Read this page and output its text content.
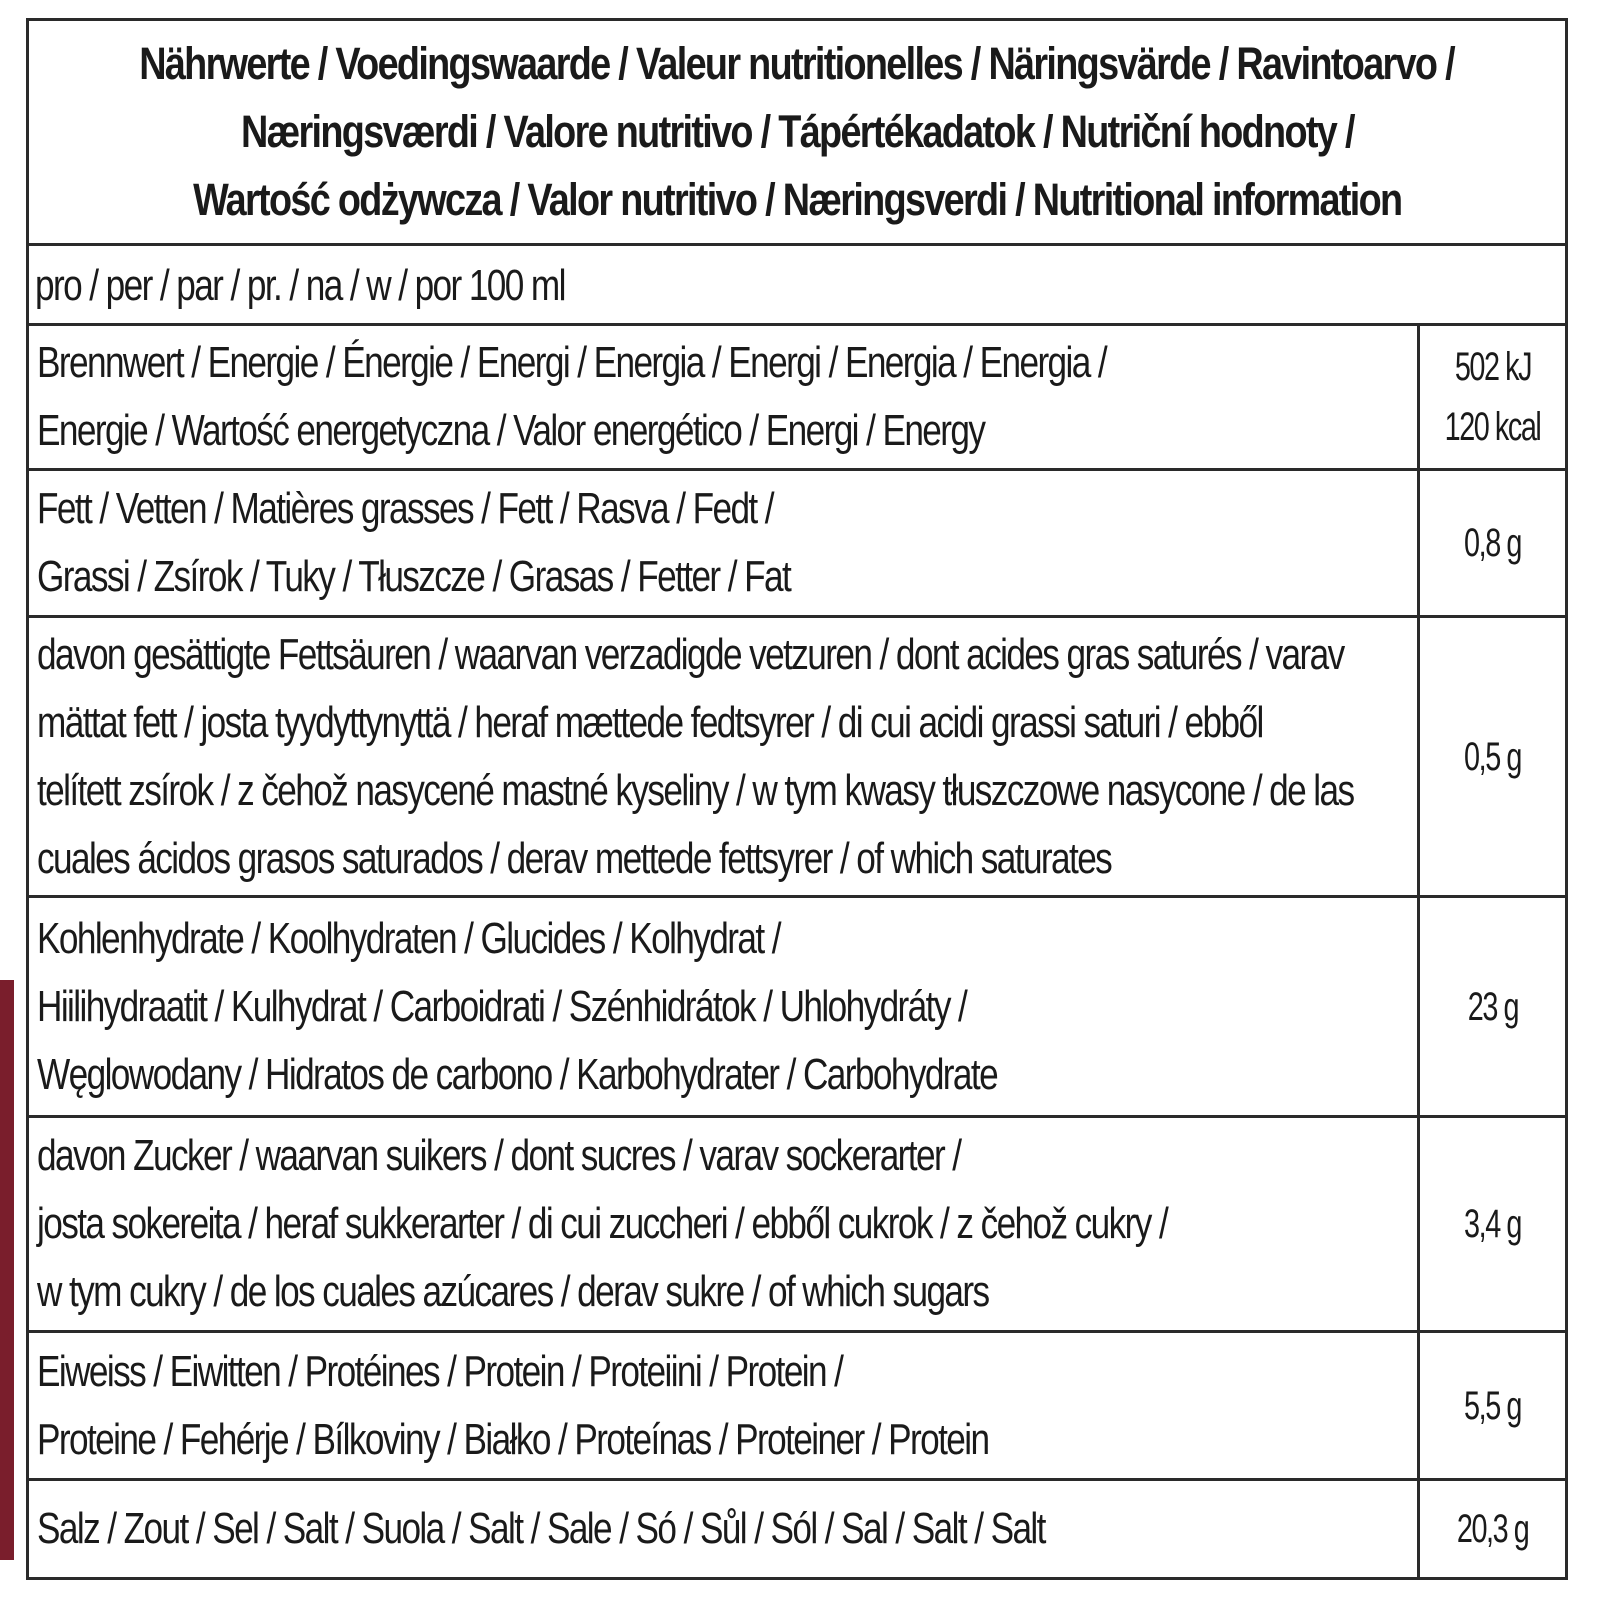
Nährwerte / Voedingswaarde / Valeur nutritionelles / Näringsvärde / Ravintoarvo /
Næringsværdi / Valore nutritivo / Tápértékadatok / Nutriční hodnoty /
Wartość odżywcza / Valor nutritivo / Næringsverdi / Nutritional information
pro / per / par / pr. / na / w / por 100 ml
Brennwert / Energie / Énergie / Energi / Energia / Energi / Energia / Energia /
Energie / Wartość energetyczna / Valor energético / Energi / Energy
502 kJ
120 kcal
Fett / Vetten / Matières grasses / Fett / Rasva / Fedt /
Grassi / Zsírok / Tuky / Tłuszcze / Grasas / Fetter / Fat
0,8 g
davon gesättigte Fettsäuren / waarvan verzadigde vetzuren / dont acides gras saturés / varav
mättat fett / josta tyydyttynyttä / heraf mættede fedtsyrer / di cui acidi grassi saturi / ebből
telített zsírok / z čehož nasycené mastné kyseliny / w tym kwasy tłuszczowe nasycone / de las
cuales ácidos grasos saturados / derav mettede fettsyrer / of which saturates
0,5 g
Kohlenhydrate / Koolhydraten / Glucides / Kolhydrat /
Hiilihydraatit / Kulhydrat / Carboidrati / Szénhidrátok / Uhlohydráty /
Węglowodany / Hidratos de carbono / Karbohydrater / Carbohydrate
23 g
davon Zucker / waarvan suikers / dont sucres / varav sockerarter /
josta sokereita / heraf sukkerarter / di cui zuccheri / ebből cukrok / z čehož cukry /
w tym cukry / de los cuales azúcares / derav sukre / of which sugars
3,4 g
Eiweiss / Eiwitten / Protéines / Protein / Proteiini / Protein /
Proteine / Fehérje / Bílkoviny / Białko / Proteínas / Proteiner / Protein
5,5 g
Salz / Zout / Sel / Salt / Suola / Salt / Sale / Só / Sůl / Sól / Sal / Salt / Salt	20,3 g
